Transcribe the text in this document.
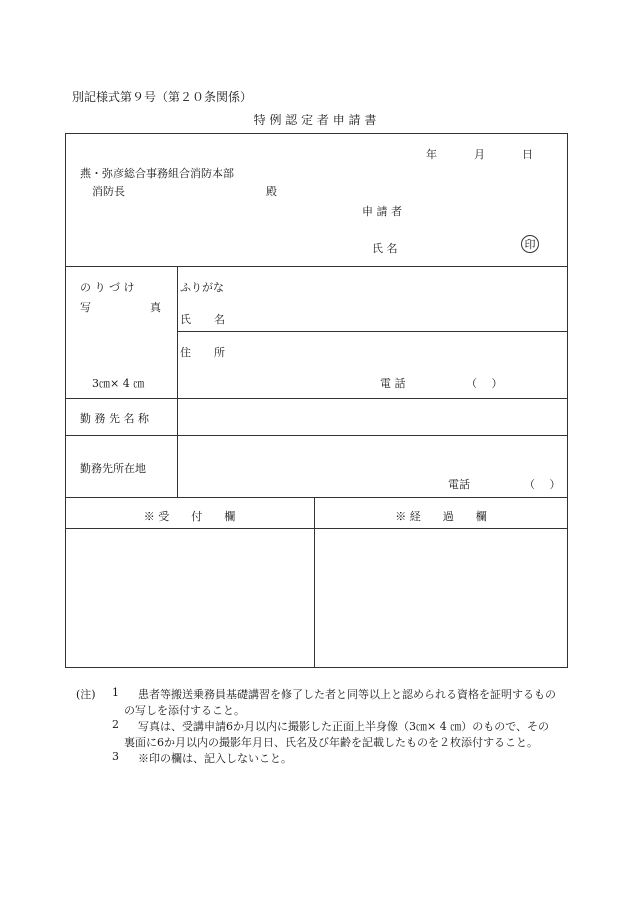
別記様式第９号（第２０条関係）
特 例 認 定 者 申 請 書
年	月	日
燕・弥彦総合事務組合消防本部
消防長	殿
申 請 者
氏 名	印
の り づ け
写	真
3㎝× 4 ㎝
ふりがな
氏 名
住 所
電 話	（　 ）
勤 務 先 名 称
勤務先所在地
電話	（　 ）
※ 受　　付　　欄	※ 経　　過　　欄
(注) 1 患者等搬送乗務員基礎講習を修了した者と同等以上と認められる資格を証明するもの
の写しを添付すること。
2 写真は、受講申請6か月以内に撮影した正面上半身像（3㎝× 4 ㎝）のもので、その
裏面に6か月以内の撮影年月日、氏名及び年齢を記載したものを２枚添付すること。
3 ※印の欄は、記入しないこと。
